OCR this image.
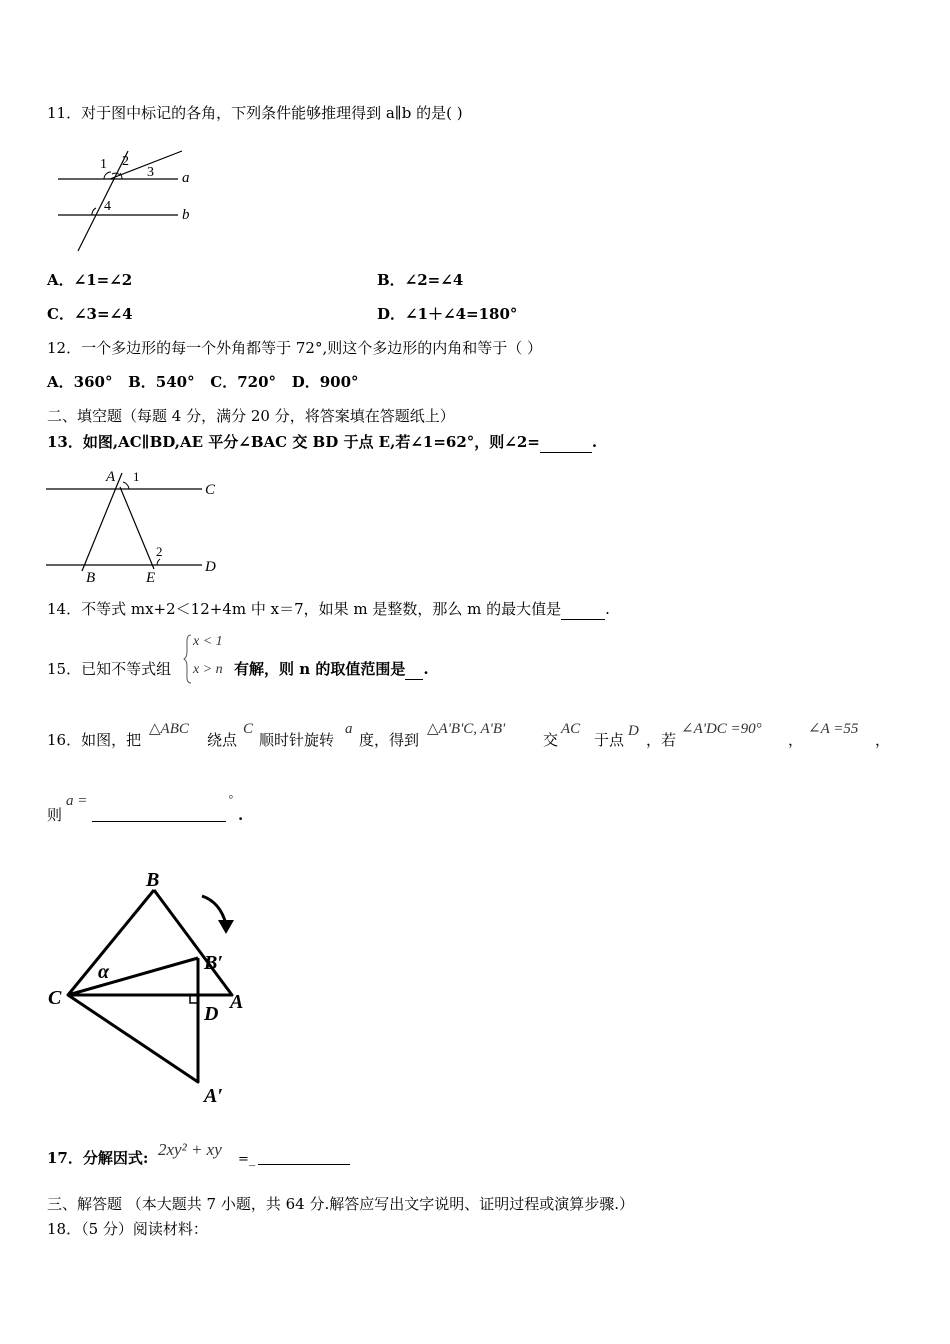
11．对于图中标记的各角，下列条件能够推理得到 a∥b 的是( )
1 2
3
4
a
b
A．∠1=∠2	B．∠2=∠4
C．∠3=∠4	D．∠1＋∠4=180°
12．一个多边形的每一个外角都等于 72°,则这个多边形的内角和等于（ ）
A．360°   B．540°   C．720°   D．900°
二、填空题（每题 4 分，满分 20 分，将答案填在答题纸上）
13．如图,AC∥BD,AE 平分∠BAC 交 BD 于点 E,若∠1=62°，则∠2=	.
A 1
C
2
D
B	E
14．不等式 mx+2＜12+4m 中 x＝7，如果 m 是整数，那么 m 的最大值是	.
15．已知不等式组
x < 1
x > n 有解，则 n 的取值范围是 .
16．如图，把
△ABC
绕点
C
顺时针旋转
a
度，得到
△A'B'C, A'B'
交
AC
于点 D ，若
∠A'DC =90°
，
∠A =55
，
则
a =	°
.
B
B′
α
C	A
D
A′
17．分解因式: 2xy² + xy
=_
三、解答题 （本大题共 7 小题，共 64 分.解答应写出文字说明、证明过程或演算步骤.）
18．（5 分）阅读材料：
